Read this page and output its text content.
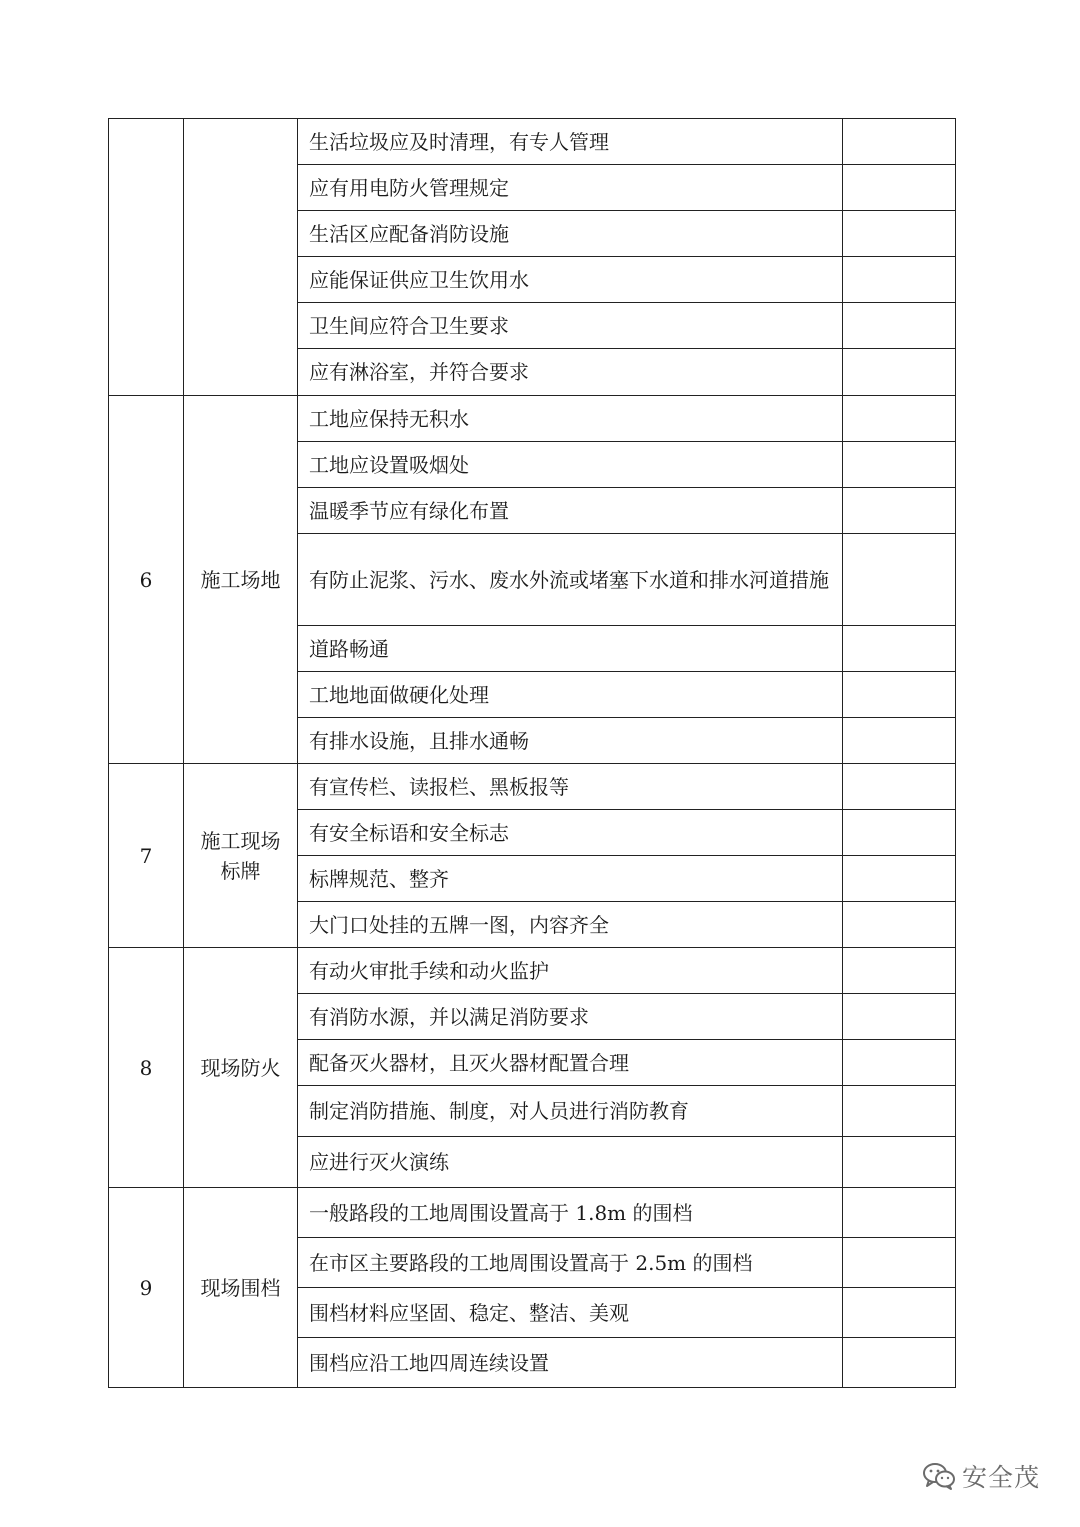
		生活垃圾应及时清理，有专人管理	
		应有用电防火管理规定	
		生活区应配备消防设施	
		应能保证供应卫生饮用水	
		卫生间应符合卫生要求	
		应有淋浴室，并符合要求	
6	施工场地	工地应保持无积水	
		工地应设置吸烟处	
		温暖季节应有绿化布置	
		有防止泥浆、污水、废水外流或堵塞下水道和排水河道措施	
		道路畅通	
		工地地面做硬化处理	
		有排水设施，且排水通畅	
7	施工现场标牌	有宣传栏、读报栏、黑板报等	
		有安全标语和安全标志	
		标牌规范、整齐	
		大门口处挂的五牌一图，内容齐全	
8	现场防火	有动火审批手续和动火监护	
		有消防水源，并以满足消防要求	
		配备灭火器材，且灭火器材配置合理	
		制定消防措施、制度，对人员进行消防教育	
		应进行灭火演练	
9	现场围档	一般路段的工地周围设置高于 1.8m 的围档	
		在市区主要路段的工地周围设置高于 2.5m 的围档	
		围档材料应坚固、稳定、整洁、美观	
		围档应沿工地四周连续设置	
安全茂
